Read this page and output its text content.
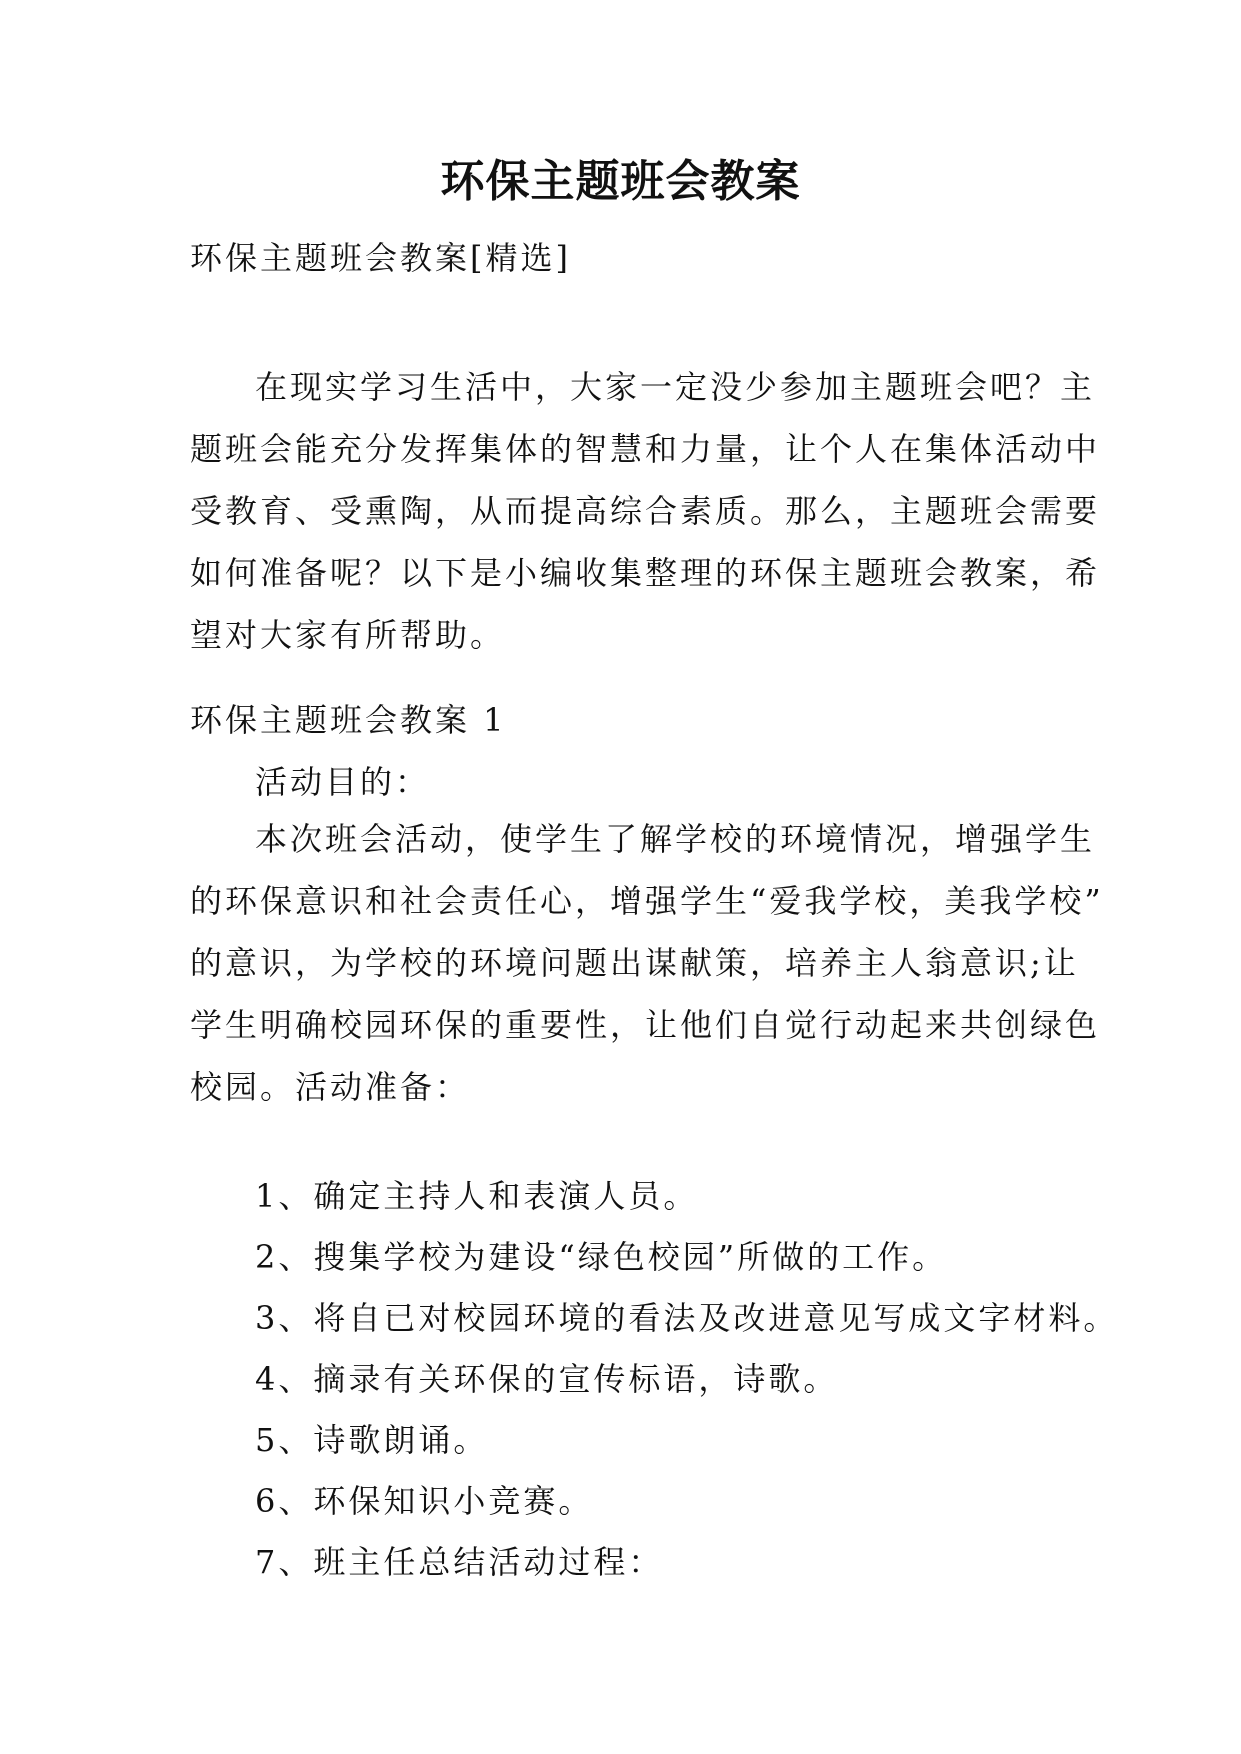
环保主题班会教案

环保主题班会教案[精选]

在现实学习生活中，大家一定没少参加主题班会吧？主
题班会能充分发挥集体的智慧和力量，让个人在集体活动中
受教育、受熏陶，从而提高综合素质。那么，主题班会需要
如何准备呢？以下是小编收集整理的环保主题班会教案，希
望对大家有所帮助。

环保主题班会教案 1

活动目的：

本次班会活动，使学生了解学校的环境情况，增强学生
的环保意识和社会责任心，增强学生“爱我学校，美我学校”
的意识，为学校的环境问题出谋献策，培养主人翁意识;让
学生明确校园环保的重要性，让他们自觉行动起来共创绿色
校园。活动准备：

1、确定主持人和表演人员。

2、搜集学校为建设“绿色校园”所做的工作。

3、将自已对校园环境的看法及改进意见写成文字材料。

4、摘录有关环保的宣传标语，诗歌。

5、诗歌朗诵。

6、环保知识小竞赛。

7、班主任总结活动过程：
